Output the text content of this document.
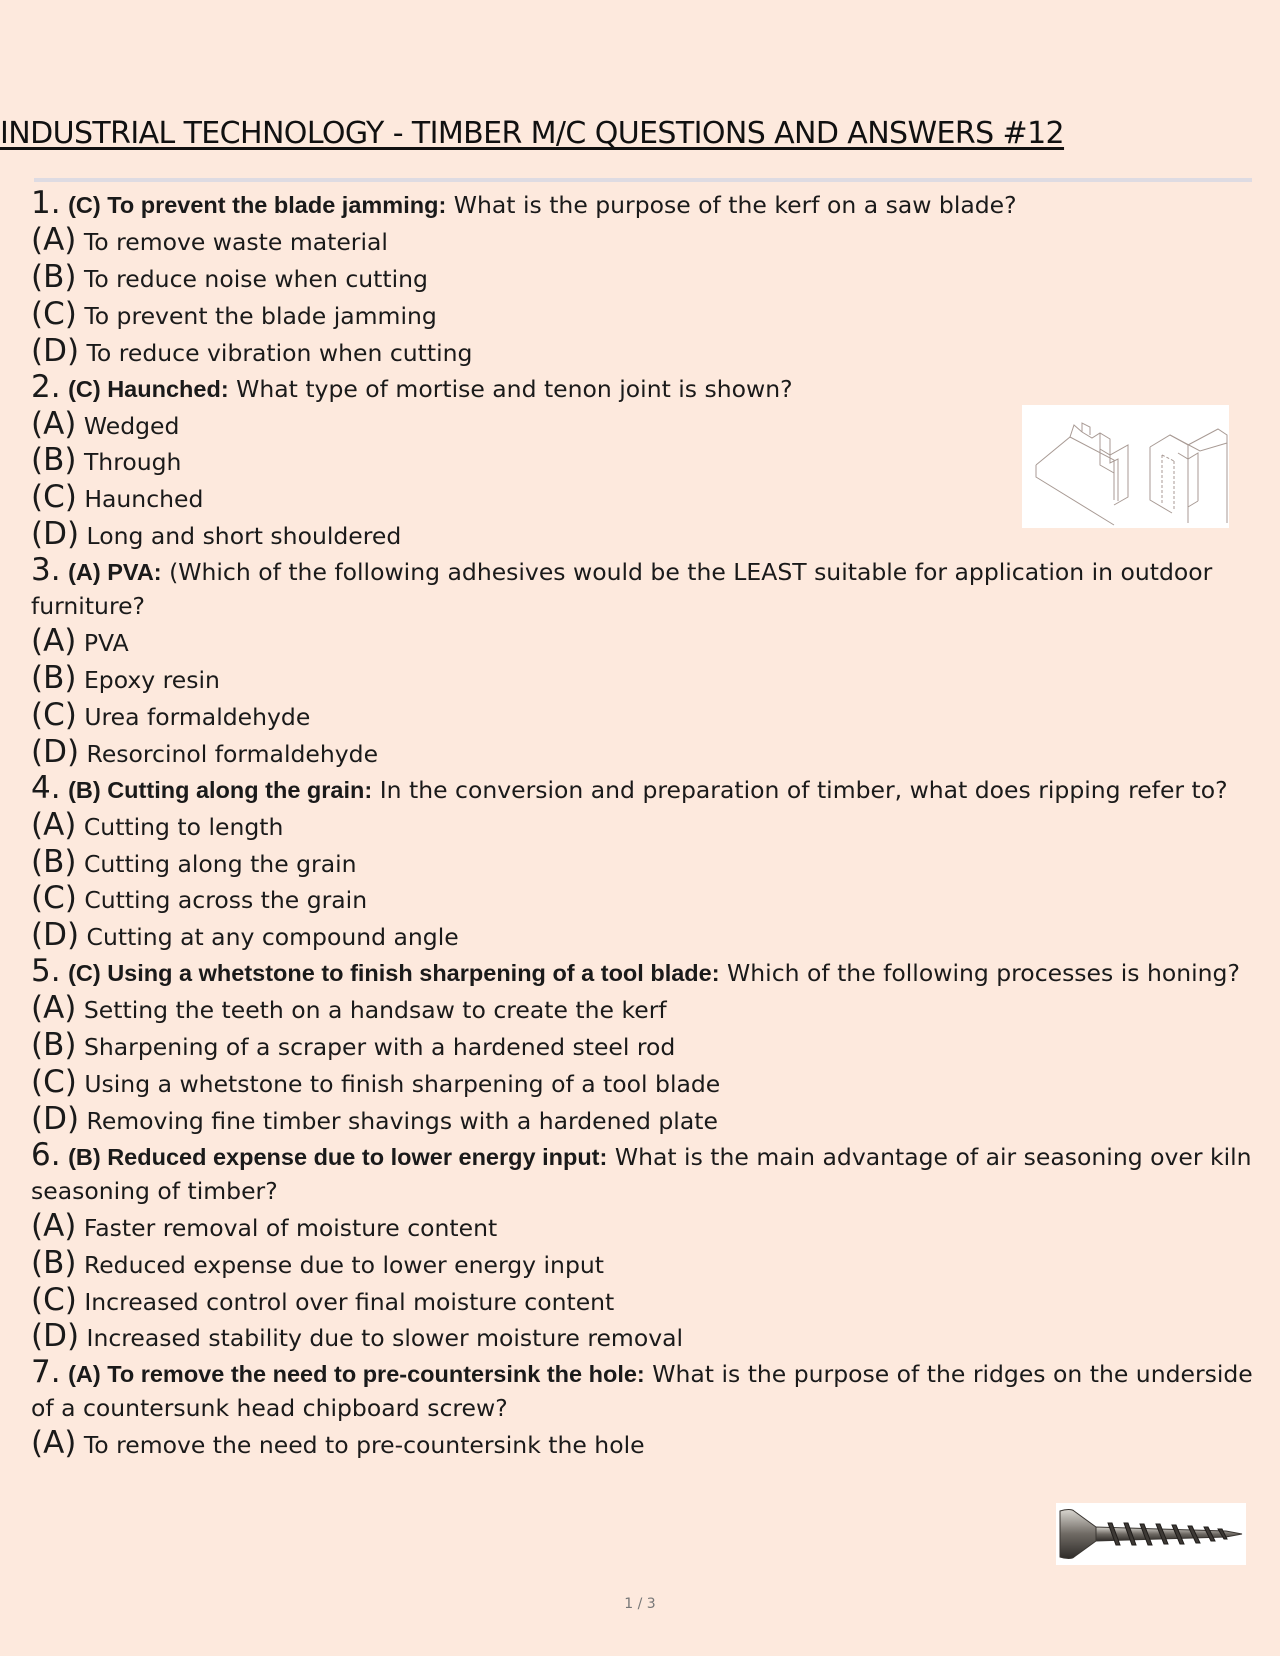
INDUSTRIAL TECHNOLOGY - TIMBER M/C QUESTIONS AND ANSWERS #12

1. (C) To prevent the blade jamming: What is the purpose of the kerf on a saw blade?

(A) To remove waste material
(B) To reduce noise when cutting
(C) To prevent the blade jamming
(D) To reduce vibration when cutting

2. (C) Haunched: What type of mortise and tenon joint is shown?

(A) Wedged
(B) Through
(C) Haunched
(D) Long and short shouldered

3. (A) PVA: (Which of the following adhesives would be the LEAST suitable for application in outdoor furniture?

(A) PVA
(B) Epoxy resin
(C) Urea formaldehyde
(D) Resorcinol formaldehyde

4. (B) Cutting along the grain: In the conversion and preparation of timber, what does ripping refer to?

(A) Cutting to length
(B) Cutting along the grain
(C) Cutting across the grain
(D) Cutting at any compound angle

5. (C) Using a whetstone to finish sharpening of a tool blade: Which of the following processes is honing?

(A) Setting the teeth on a handsaw to create the kerf
(B) Sharpening of a scraper with a hardened steel rod
(C) Using a whetstone to finish sharpening of a tool blade
(D) Removing fine timber shavings with a hardened plate

6. (B) Reduced expense due to lower energy input: What is the main advantage of air seasoning over kiln seasoning of timber?

(A) Faster removal of moisture content
(B) Reduced expense due to lower energy input
(C) Increased control over final moisture content
(D) Increased stability due to slower moisture removal

7. (A) To remove the need to pre-countersink the hole: What is the purpose of the ridges on the underside of a countersunk head chipboard screw?

(A) To remove the need to pre-countersink the hole
1 / 3
